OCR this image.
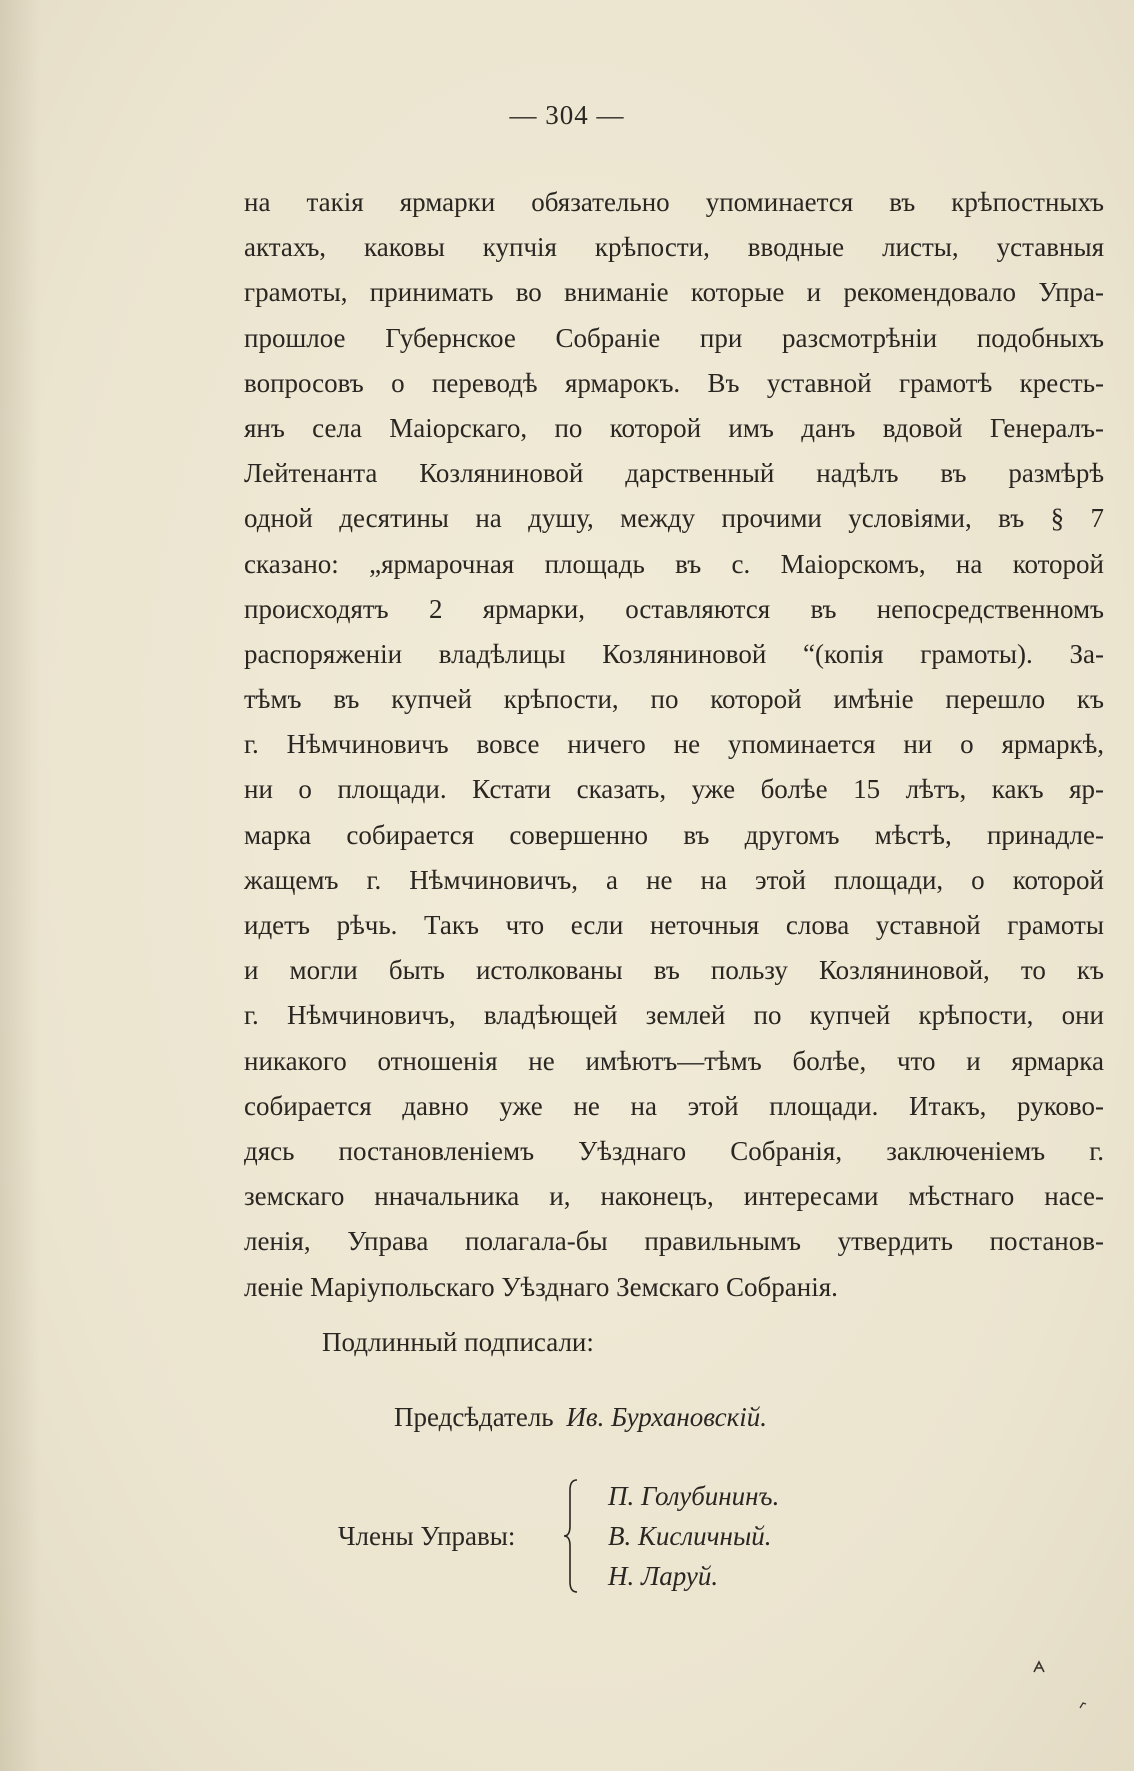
— 304 —
на такія ярмарки обязательно упоминается въ крѣпостныхъ
актахъ, каковы купчія крѣпости, вводные листы, уставныя
грамоты, принимать во вниманіе которые и рекомендовало Упра-
прошлое Губернское Собраніе при разсмотрѣніи подобныхъ
вопросовъ о переводѣ ярмарокъ. Въ уставной грамотѣ кресть-
янъ села Маіорскаго, по которой имъ данъ вдовой Генералъ-
Лейтенанта Козляниновой дарственный надѣлъ въ размѣрѣ
одной десятины на душу, между прочими условіями, въ § 7
сказано: „ярмарочная площадь въ с. Маіорскомъ, на которой
происходятъ 2 ярмарки, оставляются въ непосредственномъ
распоряженіи владѣлицы Козляниновой “(копія грамоты). За-
тѣмъ въ купчей крѣпости, по которой имѣніе перешло къ
г. Нѣмчиновичъ вовсе ничего не упоминается ни о ярмаркѣ,
ни о площади. Кстати сказать, уже болѣе 15 лѣтъ, какъ яр-
марка собирается совершенно въ другомъ мѣстѣ, принадле-
жащемъ г. Нѣмчиновичъ, а не на этой площади, о которой
идетъ рѣчь. Такъ что если неточныя слова уставной грамоты
и могли быть истолкованы въ пользу Козляниновой, то къ
г. Нѣмчиновичъ, владѣющей землей по купчей крѣпости, они
никакого отношенія не имѣютъ—тѣмъ болѣе, что и ярмарка
собирается давно уже не на этой площади. Итакъ, руково-
дясь постановленіемъ Уѣзднаго Собранія, заключеніемъ г.
земскаго нначальника и, наконецъ, интересами мѣстнаго насе-
ленія, Управа полагала-бы правильнымъ утвердить постанов-
леніе Маріупольскаго Уѣзднаго Земскаго Собранія.
Подлинный подписали:
Предсѣдатель Ив. Бурхановскій.
Члены Управы:
П. Голубининъ.
В. Кисличный.
Н. Ларуй.
